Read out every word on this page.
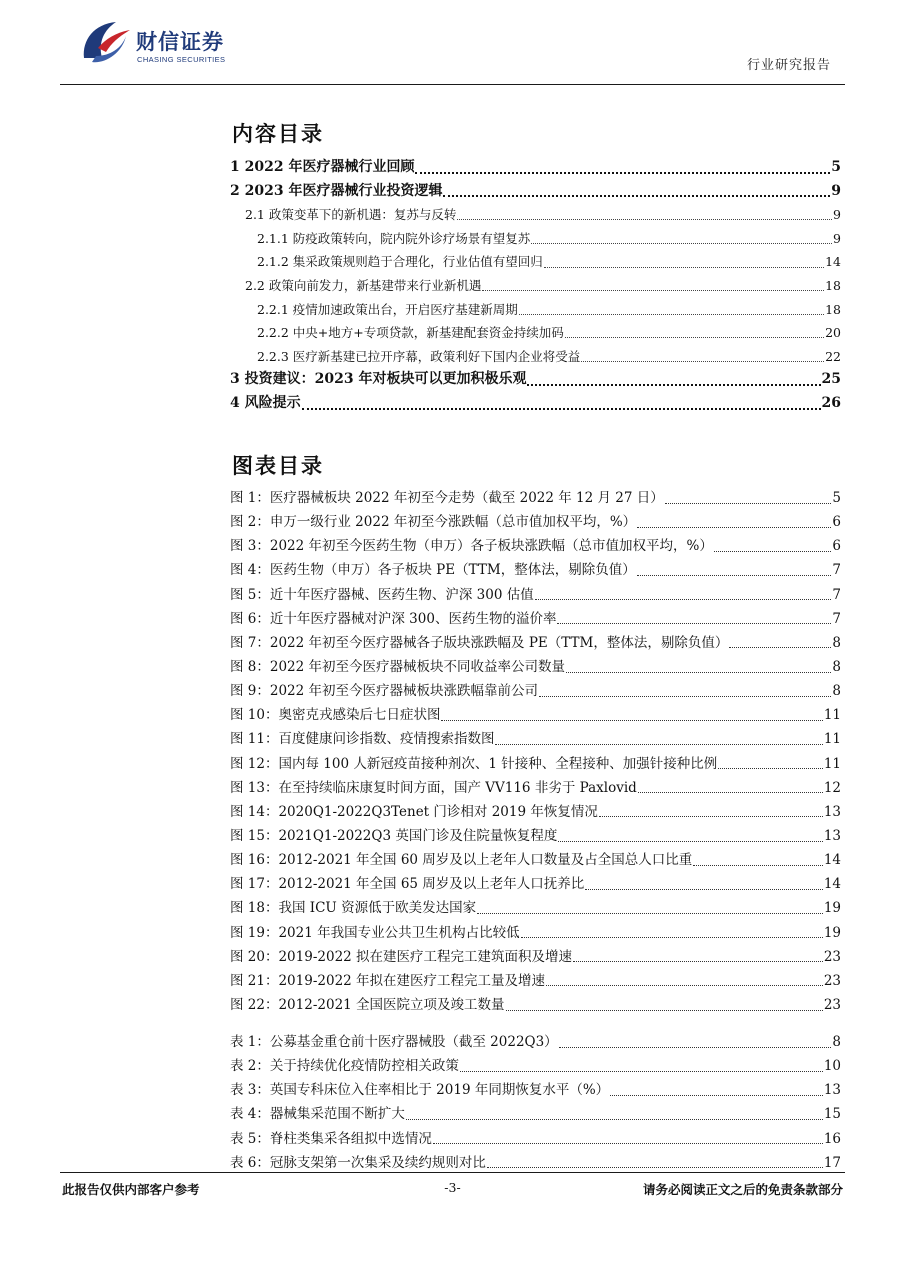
财信证券
CHASING SECURITIES	行业研究报告
内容目录
1 2022 年医疗器械行业回顾	5
2 2023 年医疗器械行业投资逻辑	9
2.1 政策变革下的新机遇：复苏与反转	9
2.1.1 防疫政策转向，院内院外诊疗场景有望复苏	9
2.1.2 集采政策规则趋于合理化，行业估值有望回归	14
2.2 政策向前发力，新基建带来行业新机遇	18
2.2.1 疫情加速政策出台，开启医疗基建新周期	18
2.2.2 中央+地方+专项贷款，新基建配套资金持续加码	20
2.2.3 医疗新基建已拉开序幕，政策利好下国内企业将受益	22
3 投资建议：2023 年对板块可以更加积极乐观	25
4 风险提示	26
图表目录
图 1：医疗器械板块 2022 年初至今走势（截至 2022 年 12 月 27 日）	5
图 2：申万一级行业 2022 年初至今涨跌幅（总市值加权平均，%）	6
图 3：2022 年初至今医药生物（申万）各子板块涨跌幅（总市值加权平均，%）	6
图 4：医药生物（申万）各子板块 PE（TTM，整体法，剔除负值）	7
图 5：近十年医疗器械、医药生物、沪深 300 估值	7
图 6：近十年医疗器械对沪深 300、医药生物的溢价率	7
图 7：2022 年初至今医疗器械各子版块涨跌幅及 PE（TTM，整体法，剔除负值）	8
图 8：2022 年初至今医疗器械板块不同收益率公司数量	8
图 9：2022 年初至今医疗器械板块涨跌幅靠前公司	8
图 10：奥密克戎感染后七日症状图	11
图 11：百度健康问诊指数、疫情搜索指数图	11
图 12：国内每 100 人新冠疫苗接种剂次、1 针接种、全程接种、加强针接种比例	11
图 13：在至持续临床康复时间方面，国产 VV116 非劣于 Paxlovid	12
图 14：2020Q1-2022Q3Tenet 门诊相对 2019 年恢复情况	13
图 15：2021Q1-2022Q3 英国门诊及住院量恢复程度	13
图 16：2012-2021 年全国 60 周岁及以上老年人口数量及占全国总人口比重	14
图 17：2012-2021 年全国 65 周岁及以上老年人口抚养比	14
图 18：我国 ICU 资源低于欧美发达国家	19
图 19：2021 年我国专业公共卫生机构占比较低	19
图 20：2019-2022 拟在建医疗工程完工建筑面积及增速	23
图 21：2019-2022 年拟在建医疗工程完工量及增速	23
图 22：2012-2021 全国医院立项及竣工数量	23
表 1：公募基金重仓前十医疗器械股（截至 2022Q3）	8
表 2：关于持续优化疫情防控相关政策	10
表 3：英国专科床位入住率相比于 2019 年同期恢复水平（%）	13
表 4：器械集采范围不断扩大	15
表 5：脊柱类集采各组拟中选情况	16
表 6：冠脉支架第一次集采及续约规则对比	17
此报告仅供内部客户参考	-3-	请务必阅读正文之后的免责条款部分
